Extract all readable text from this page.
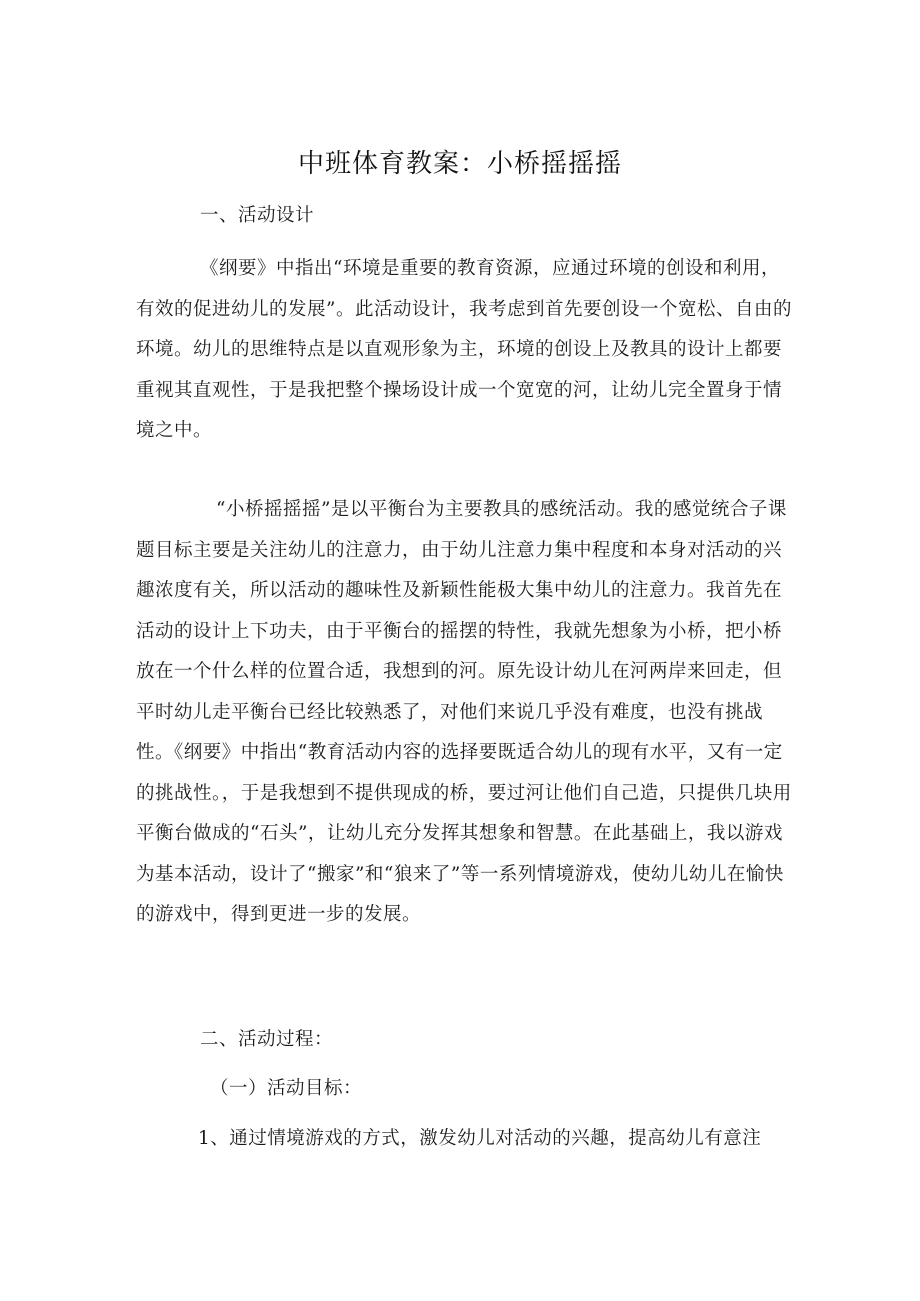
中班体育教案：小桥摇摇摇
一、活动设计

《纲要》中指出“环境是重要的教育资源，应通过环境的创设和利用，有效的促进幼儿的发展”。此活动设计，我考虑到首先要创设一个宽松、自由的环境。幼儿的思维特点是以直观形象为主，环境的创设上及教具的设计上都要重视其直观性，于是我把整个操场设计成一个宽宽的河，让幼儿完全置身于情境之中。

“小桥摇摇摇”是以平衡台为主要教具的感统活动。我的感觉统合子课题目标主要是关注幼儿的注意力，由于幼儿注意力集中程度和本身对活动的兴趣浓度有关，所以活动的趣味性及新颖性能极大集中幼儿的注意力。我首先在活动的设计上下功夫，由于平衡台的摇摆的特性，我就先想象为小桥，把小桥放在一个什么样的位置合适，我想到的河。原先设计幼儿在河两岸来回走，但平时幼儿走平衡台已经比较熟悉了，对他们来说几乎没有难度，也没有挑战性。《纲要》中指出“教育活动内容的选择要既适合幼儿的现有水平，又有一定的挑战性。，于是我想到不提供现成的桥，要过河让他们自己造，只提供几块用平衡台做成的“石头”，让幼儿充分发挥其想象和智慧。在此基础上，我以游戏为基本活动，设计了“搬家”和“狼来了”等一系列情境游戏，使幼儿幼儿在愉快的游戏中，得到更进一步的发展。

二、活动过程：
（一）活动目标：
1、通过情境游戏的方式，激发幼儿对活动的兴趣，提高幼儿有意注
